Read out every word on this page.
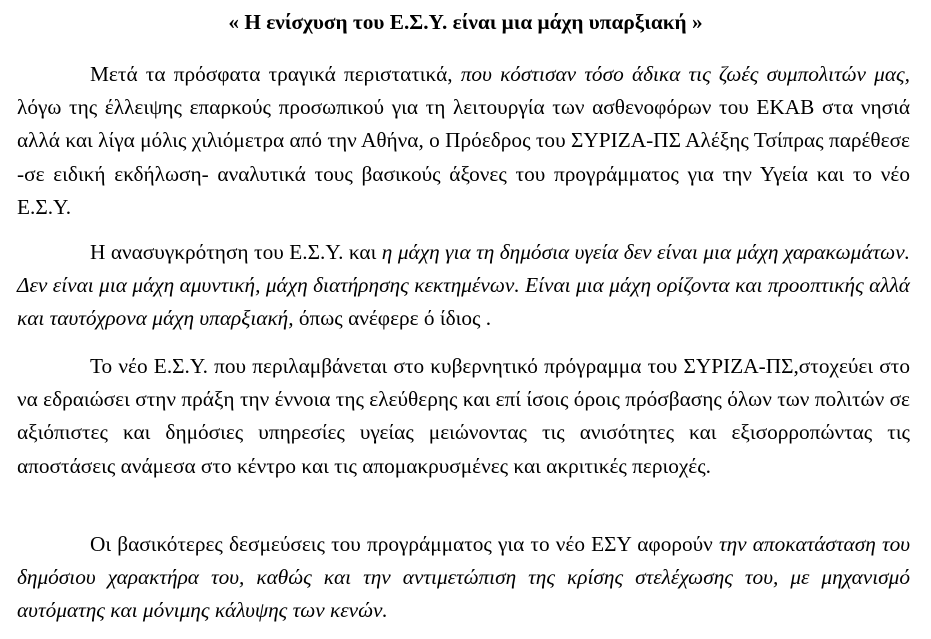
« Η ενίσχυση του Ε.Σ.Υ. είναι μια μάχη υπαρξιακή »

Μετά τα πρόσφατα τραγικά περιστατικά, που κόστισαν τόσο άδικα τις ζωές συμπολιτών μας, λόγω της έλλειψης επαρκούς προσωπικού για τη λειτουργία των ασθενοφόρων του ΕΚΑΒ στα νησιά αλλά και λίγα μόλις χιλιόμετρα από την Αθήνα, ο Πρόεδρος του ΣΥΡΙΖΑ-ΠΣ Αλέξης Τσίπρας παρέθεσε -σε ειδική εκδήλωση- αναλυτικά τους βασικούς άξονες του προγράμματος για την Υγεία και το νέο Ε.Σ.Υ.

Η ανασυγκρότηση του Ε.Σ.Υ. και η μάχη για τη δημόσια υγεία δεν είναι μια μάχη χαρακωμάτων. Δεν είναι μια μάχη αμυντική, μάχη διατήρησης κεκτημένων. Είναι μια μάχη ορίζοντα και προοπτικής αλλά και ταυτόχρονα μάχη υπαρξιακή, όπως ανέφερε ό ίδιος .

Το νέο Ε.Σ.Υ. που περιλαμβάνεται στο κυβερνητικό πρόγραμμα του ΣΥΡΙΖΑ-ΠΣ,στοχεύει στο να εδραιώσει στην πράξη την έννοια της ελεύθερης και επί ίσοις όροις πρόσβασης όλων των πολιτών σε αξιόπιστες και δημόσιες υπηρεσίες υγείας μειώνοντας τις ανισότητες και εξισορροπώντας τις αποστάσεις ανάμεσα στο κέντρο και τις απομακρυσμένες και ακριτικές περιοχές.

Οι βασικότερες δεσμεύσεις του προγράμματος για το νέο ΕΣΥ αφορούν την αποκατάσταση του δημόσιου χαρακτήρα του, καθώς και την αντιμετώπιση της κρίσης στελέχωσης του, με μηχανισμό αυτόματης και μόνιμης κάλυψης των κενών.
